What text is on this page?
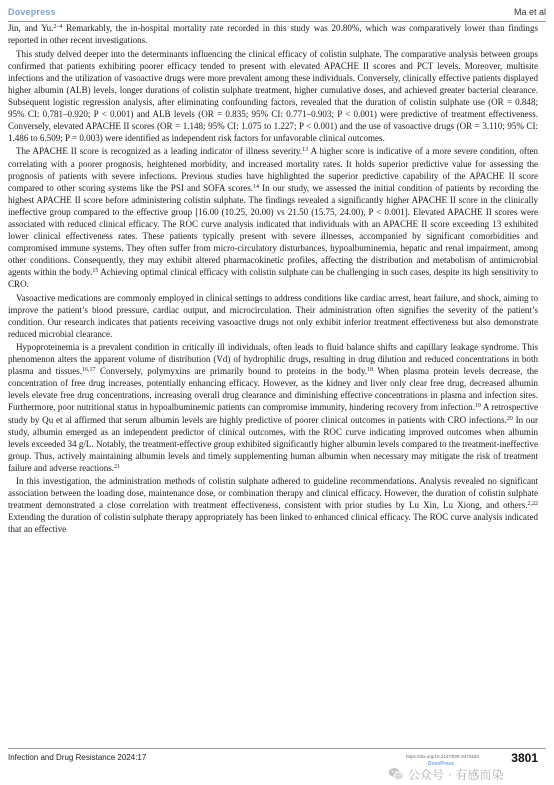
Dovepress	Ma et al

Jin, and Yu.$^{2-4}$ Remarkably, the in-hospital mortality rate recorded in this study was 20.80%, which was comparatively lower than findings reported in other recent investigations.

This study delved deeper into the determinants influencing the clinical efficacy of colistin sulphate. The comparative analysis between groups confirmed that patients exhibiting poorer efficacy tended to present with elevated APACHE II scores and PCT levels. Moreover, multisite infections and the utilization of vasoactive drugs were more prevalent among these individuals. Conversely, clinically effective patients displayed higher albumin (ALB) levels, longer durations of colistin sulphate treatment, higher cumulative doses, and achieved greater bacterial clearance. Subsequent logistic regression analysis, after eliminating confounding factors, revealed that the duration of colistin sulphate use (OR = 0.848; 95% CI: 0.781–0.920; P < 0.001) and ALB levels (OR = 0.835; 95% CI: 0.771–0.903; P < 0.001) were predictive of treatment effectiveness. Conversely, elevated APACHE II scores (OR = 1.148; 95% CI: 1.075 to 1.227; P < 0.001) and the use of vasoactive drugs (OR = 3.110; 95% CI: 1.486 to 6.509; P = 0.003) were identified as independent risk factors for unfavorable clinical outcomes.

The APACHE II score is recognized as a leading indicator of illness severity.$^{13}$ A higher score is indicative of a more severe condition, often correlating with a poorer prognosis, heightened morbidity, and increased mortality rates. It holds superior predictive value for assessing the prognosis of patients with severe infections. Previous studies have highlighted the superior predictive capability of the APACHE II score compared to other scoring systems like the PSI and SOFA scores.$^{14}$ In our study, we assessed the initial condition of patients by recording the highest APACHE II score before administering colistin sulphate. The findings revealed a significantly higher APACHE II score in the clinically ineffective group compared to the effective group [16.00 (10.25, 20.00) vs 21.50 (15.75, 24.00), P < 0.001]. Elevated APACHE II scores were associated with reduced clinical efficacy. The ROC curve analysis indicated that individuals with an APACHE II score exceeding 13 exhibited lower clinical effectiveness rates. These patients typically present with severe illnesses, accompanied by significant comorbidities and compromised immune systems. They often suffer from micro-circulatory disturbances, hypoalbuminemia, hepatic and renal impairment, among other conditions. Consequently, they may exhibit altered pharmacokinetic profiles, affecting the distribution and metabolism of antimicrobial agents within the body.$^{15}$ Achieving optimal clinical efficacy with colistin sulphate can be challenging in such cases, despite its high sensitivity to CRO.

Vasoactive medications are commonly employed in clinical settings to address conditions like cardiac arrest, heart failure, and shock, aiming to improve the patient’s blood pressure, cardiac output, and microcirculation. Their administration often signifies the severity of the patient’s condition. Our research indicates that patients receiving vasoactive drugs not only exhibit inferior treatment effectiveness but also demonstrate reduced microbial clearance.

Hypoproteinemia is a prevalent condition in critically ill individuals, often leads to fluid balance shifts and capillary leakage syndrome. This phenomenon alters the apparent volume of distribution (Vd) of hydrophilic drugs, resulting in drug dilution and reduced concentrations in both plasma and tissues.$^{16,17}$ Conversely, polymyxins are primarily bound to proteins in the body.$^{18}$ When plasma protein levels decrease, the concentration of free drug increases, potentially enhancing efficacy. However, as the kidney and liver only clear free drug, decreased albumin levels elevate free drug concentrations, increasing overall drug clearance and diminishing effective concentrations in plasma and infection sites. Furthermore, poor nutritional status in hypoalbuminemic patients can compromise immunity, hindering recovery from infection.$^{19}$ A retrospective study by Qu et al affirmed that serum albumin levels are highly predictive of poorer clinical outcomes in patients with CRO infections.$^{20}$ In our study, albumin emerged as an independent predictor of clinical outcomes, with the ROC curve indicating improved outcomes when albumin levels exceeded 34 g/L. Notably, the treatment-effective group exhibited significantly higher albumin levels compared to the treatment-ineffective group. Thus, actively maintaining albumin levels and timely supplementing human albumin when necessary may mitigate the risk of treatment failure and adverse reactions.$^{21}$

In this investigation, the administration methods of colistin sulphate adhered to guideline recommendations. Analysis revealed no significant association between the loading dose, maintenance dose, or combination therapy and clinical efficacy. However, the duration of colistin sulphate treatment demonstrated a close correlation with treatment effectiveness, consistent with prior studies by Lu Xin, Lu Xiong, and others.$^{2,22}$ Extending the duration of colistin sulphate therapy appropriately has been linked to enhanced clinical efficacy. The ROC curve analysis indicated that an effective

Infection and Drug Resistance 2024:17	https://doi.org/10.2147/IDR.S475183
DovePress	3801
公众号 · 有感而染
